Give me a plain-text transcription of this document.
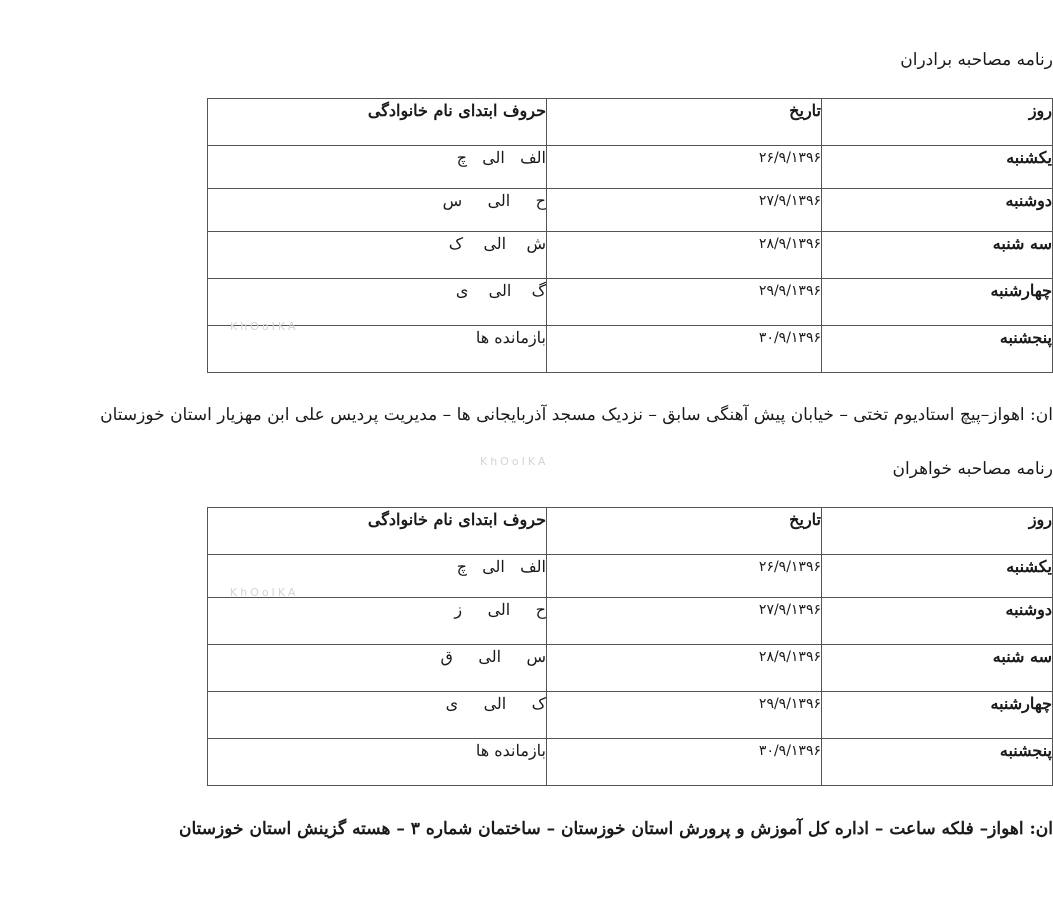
رنامه مصاحبه برادران
روز	تاریخ	حروف ابتدای نام خانوادگی
یکشنبه	۲۶/۹/۱۳۹۶	الف   الی   چ
دوشنبه	۲۷/۹/۱۳۹۶	ح     الی     س
سه شنبه	۲۸/۹/۱۳۹۶	ش    الی    ک
چهارشنبه	۲۹/۹/۱۳۹۶	گ    الی    ی
پنجشنبه	۳۰/۹/۱۳۹۶	بازمانده ها
ان: اهواز–پیچ استادیوم تختی – خیابان پیش آهنگی سابق – نزدیک مسجد آذربایجانی ها – مدیریت پردیس علی ابن مهزیار استان خوزستان
رنامه مصاحبه خواهران
روز	تاریخ	حروف ابتدای نام خانوادگی
یکشنبه	۲۶/۹/۱۳۹۶	الف   الی   چ
دوشنبه	۲۷/۹/۱۳۹۶	ح     الی     ز
سه شنبه	۲۸/۹/۱۳۹۶	س     الی     ق
چهارشنبه	۲۹/۹/۱۳۹۶	ک     الی     ی
پنجشنبه	۳۰/۹/۱۳۹۶	بازمانده ها
ان: اهواز– فلکه ساعت – اداره کل آموزش و پرورش استان خوزستان – ساختمان شماره ۳ – هسته گزینش استان خوزستان
KhOoIKA
KhOoIKA
KhOoIKA
